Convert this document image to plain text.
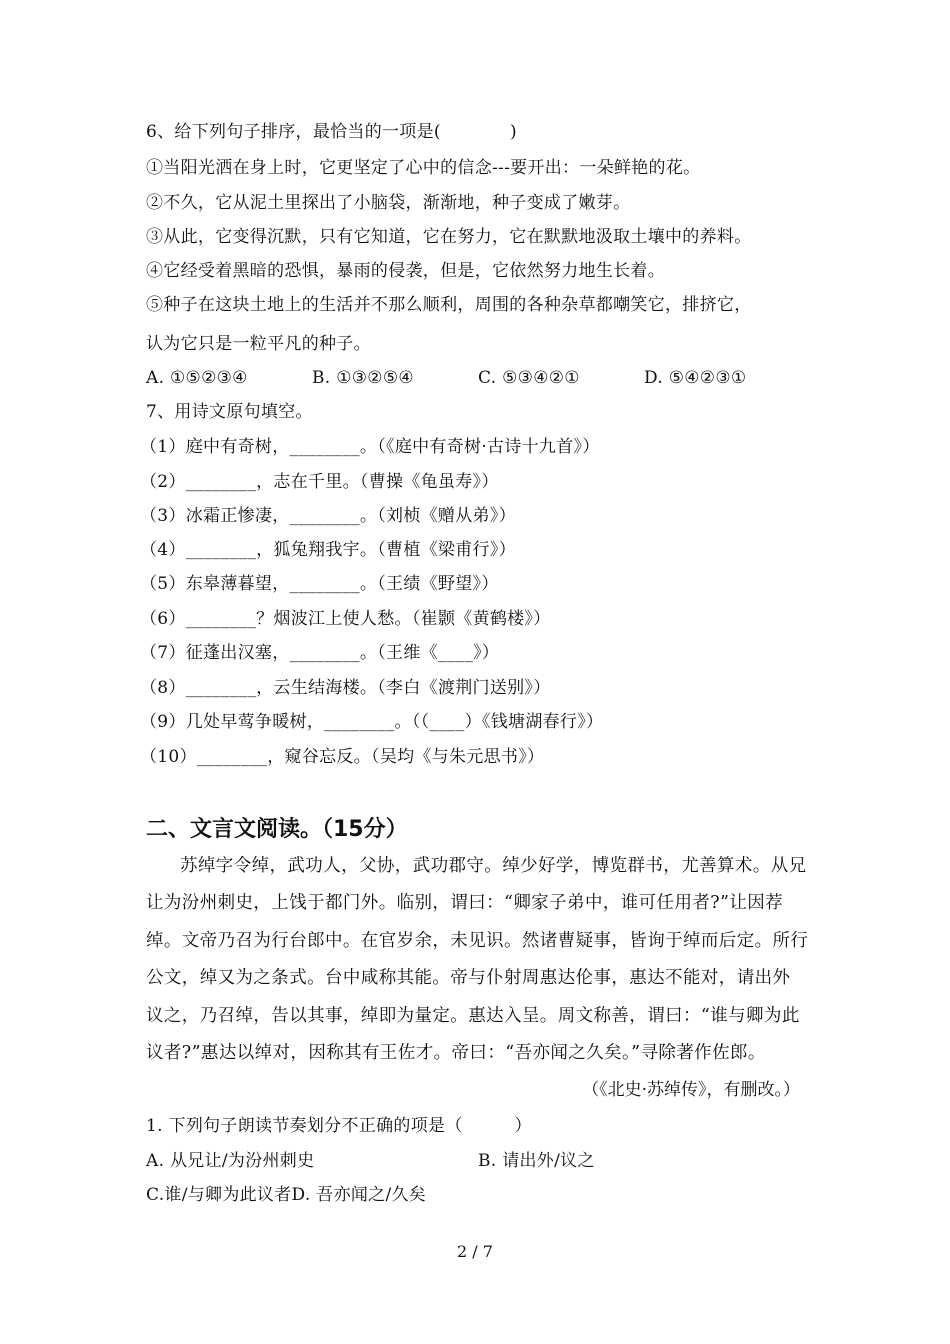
6、给下列句子排序，最恰当的一项是(　　　　)
①当阳光洒在身上时，它更坚定了心中的信念---要开出：一朵鲜艳的花。
②不久，它从泥土里探出了小脑袋，渐渐地，种子变成了嫩芽。
③从此，它变得沉默，只有它知道，它在努力，它在默默地汲取土壤中的养料。
④它经受着黑暗的恐惧，暴雨的侵袭，但是，它依然努力地生长着。
⑤种子在这块土地上的生活并不那么顺利，周围的各种杂草都嘲笑它，排挤它，
认为它只是一粒平凡的种子。
A. ①⑤②③④	B. ①③②⑤④	C. ⑤③④②①	D. ⑤④②③①
7、用诗文原句填空。
（1）庭中有奇树，________。（《庭中有奇树·古诗十九首》）
（2）________，志在千里。（曹操《龟虽寿》）
（3）冰霜正惨凄，________。（刘桢《赠从弟》）
（4）________，狐兔翔我宇。（曹植《梁甫行》）
（5）东皋薄暮望，________。（王绩《野望》）
（6）________？烟波江上使人愁。（崔颢《黄鹤楼》）
（7）征蓬出汉塞，________。（王维《____》）
（8）________，云生结海楼。（李白《渡荆门送别》）
（9）几处早莺争暖树，________。（（____）《钱塘湖春行》）
（10）________，窥谷忘反。（吴均《与朱元思书》）
二、文言文阅读。（15分）
苏绰字令绰，武功人，父协，武功郡守。绰少好学，博览群书，尤善算术。从兄
让为汾州刺史，上饯于都门外。临别，谓曰：“卿家子弟中，谁可任用者?”让因荐
绰。文帝乃召为行台郎中。在官岁余，未见识。然诸曹疑事，皆询于绰而后定。所行
公文，绰又为之条式。台中咸称其能。帝与仆射周惠达伦事，惠达不能对，请出外
议之，乃召绰，告以其事，绰即为量定。惠达入呈。周文称善，谓曰：“谁与卿为此
议者?”惠达以绰对，因称其有王佐才。帝曰：“吾亦闻之久矣。”寻除著作佐郎。
（《北史·苏绰传》，有删改。）
1. 下列句子朗读节奏划分不正确的项是（　　　）
A. 从兄让/为汾州刺史	B. 请出外/议之
C.谁/与卿为此议者D. 吾亦闻之/久矣
2 / 7
